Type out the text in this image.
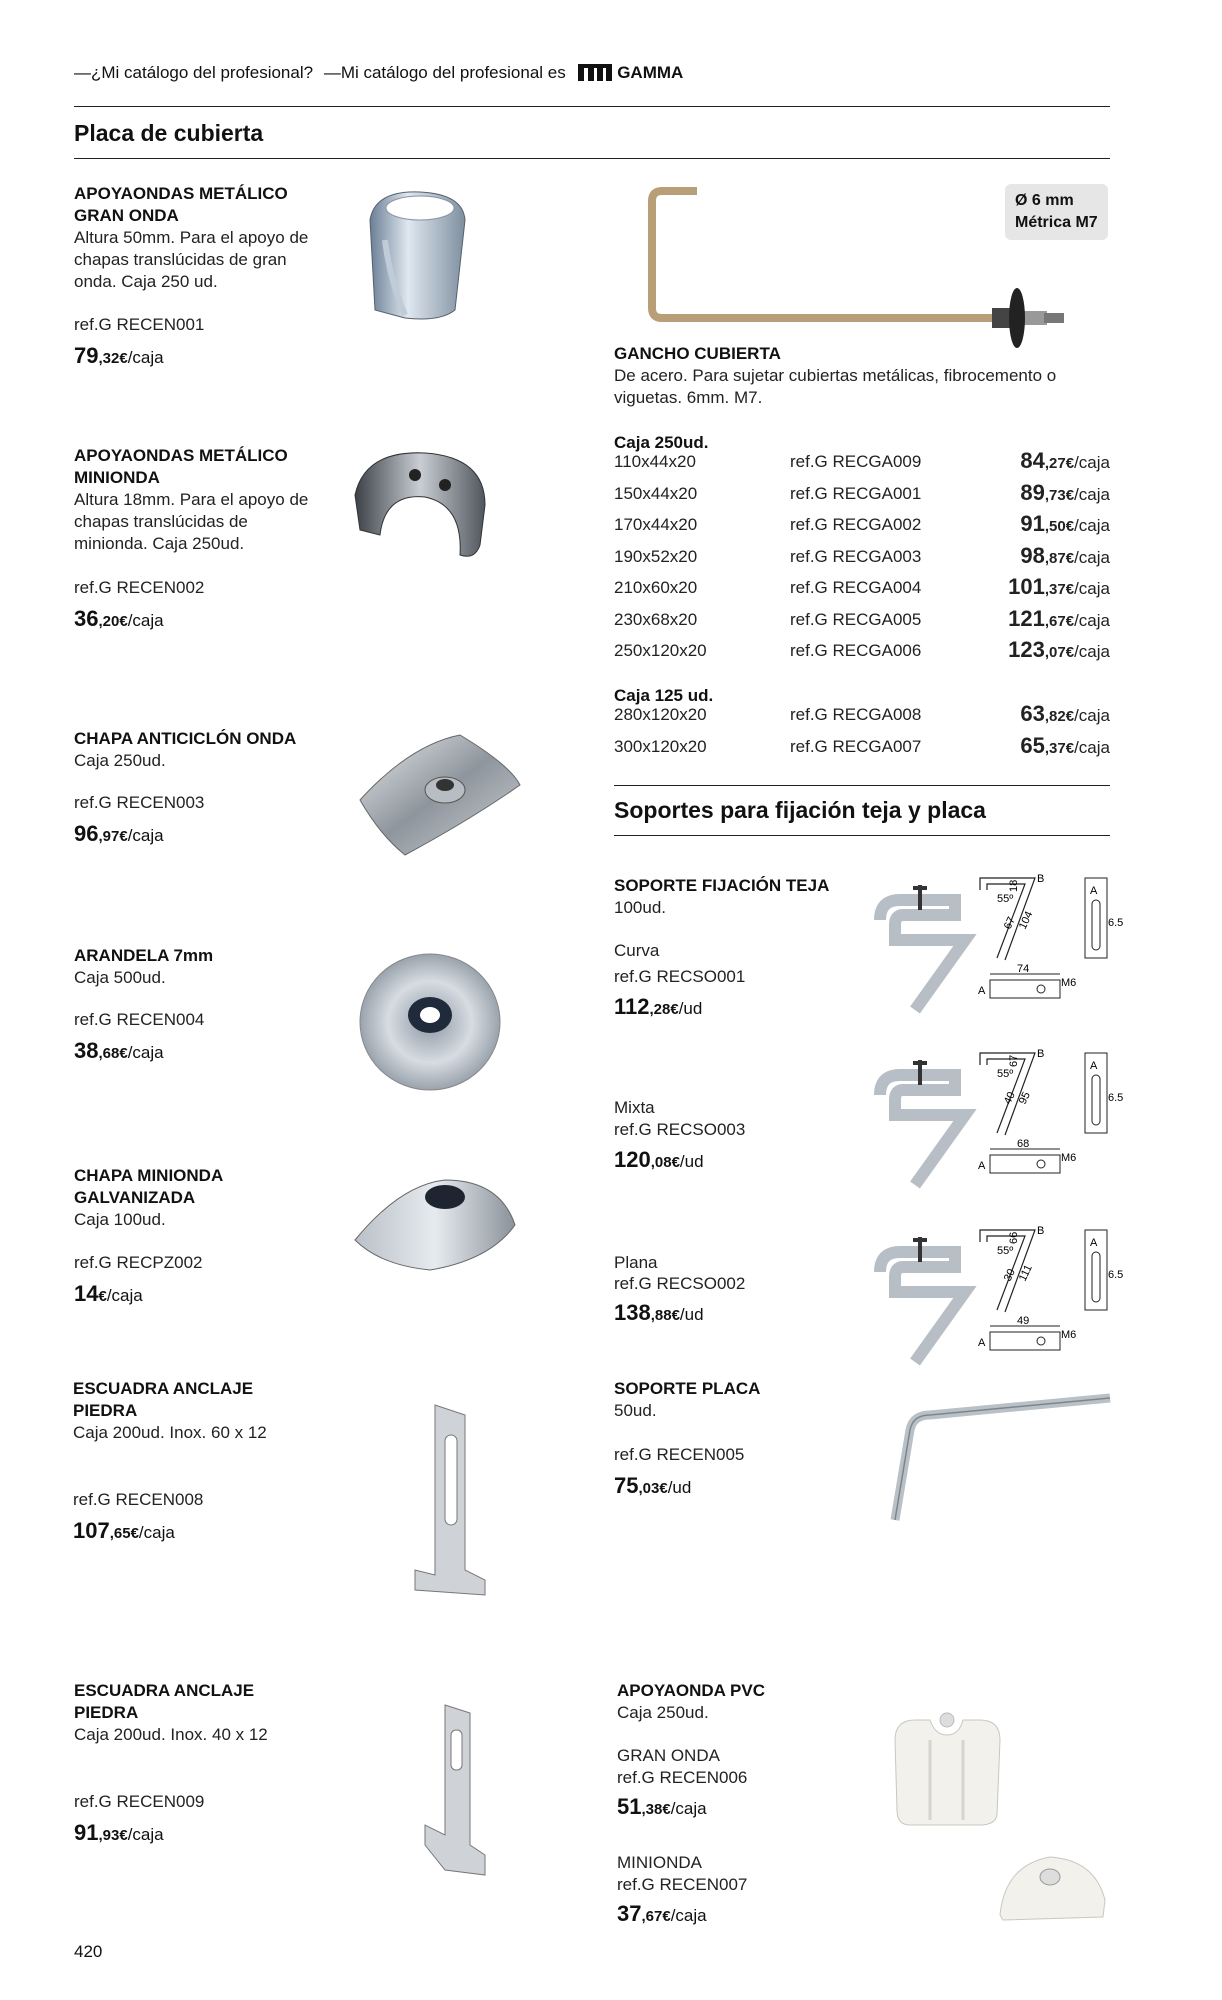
—¿Mi catálogo del profesional? —Mi catálogo del profesional es	GAMMA
Placa de cubierta
APOYAONDAS METÁLICO GRAN ONDA
Altura 50mm. Para el apoyo de chapas translúcidas de gran onda. Caja 250 ud.
ref.G RECEN001
79,32€/caja
APOYAONDAS METÁLICO MINIONDA
Altura 18mm. Para el apoyo de chapas translúcidas de minionda. Caja 250ud.
ref.G RECEN002
36,20€/caja
CHAPA ANTICICLÓN ONDA
Caja 250ud.
ref.G RECEN003
96,97€/caja
ARANDELA 7mm
Caja 500ud.
ref.G RECEN004
38,68€/caja
CHAPA MINIONDA GALVANIZADA
Caja 100ud.
ref.G RECPZ002
14€/caja
ESCUADRA ANCLAJE PIEDRA
Caja 200ud. Inox. 60 x 12
ref.G RECEN008
107,65€/caja
ESCUADRA ANCLAJE PIEDRA
Caja 200ud. Inox. 40 x 12
ref.G RECEN009
91,93€/caja
Ø 6 mm
Métrica M7
GANCHO CUBIERTA
De acero. Para sujetar cubiertas metálicas, fibrocemento o viguetas. 6mm. M7.
Caja 250ud.
110x44x20	ref.G RECGA009	84,27€/caja
150x44x20	ref.G RECGA001	89,73€/caja
170x44x20	ref.G RECGA002	91,50€/caja
190x52x20	ref.G RECGA003	98,87€/caja
210x60x20	ref.G RECGA004	101,37€/caja
230x68x20	ref.G RECGA005	121,67€/caja
250x120x20	ref.G RECGA006	123,07€/caja
Caja 125 ud.
280x120x20	ref.G RECGA008	63,82€/caja
300x120x20	ref.G RECGA007	65,37€/caja
Soportes para fijación teja y placa
SOPORTE FIJACIÓN TEJA
100ud.
Curva
ref.G RECSO001
112,28€/ud
Mixta
ref.G RECSO003
120,08€/ud
Plana
ref.G RECSO002
138,88€/ud
55º
B
67
104
18	A
6.5
74
M6
A
55º
B
40
95
67	A
6.5
68
M6
A
55º
B
30
111
66	A
6.5
49
M6
A
SOPORTE PLACA
50ud.
ref.G RECEN005
75,03€/ud
APOYAONDA PVC
Caja 250ud.
GRAN ONDA
ref.G RECEN006
51,38€/caja
MINIONDA
ref.G RECEN007
37,67€/caja
420
